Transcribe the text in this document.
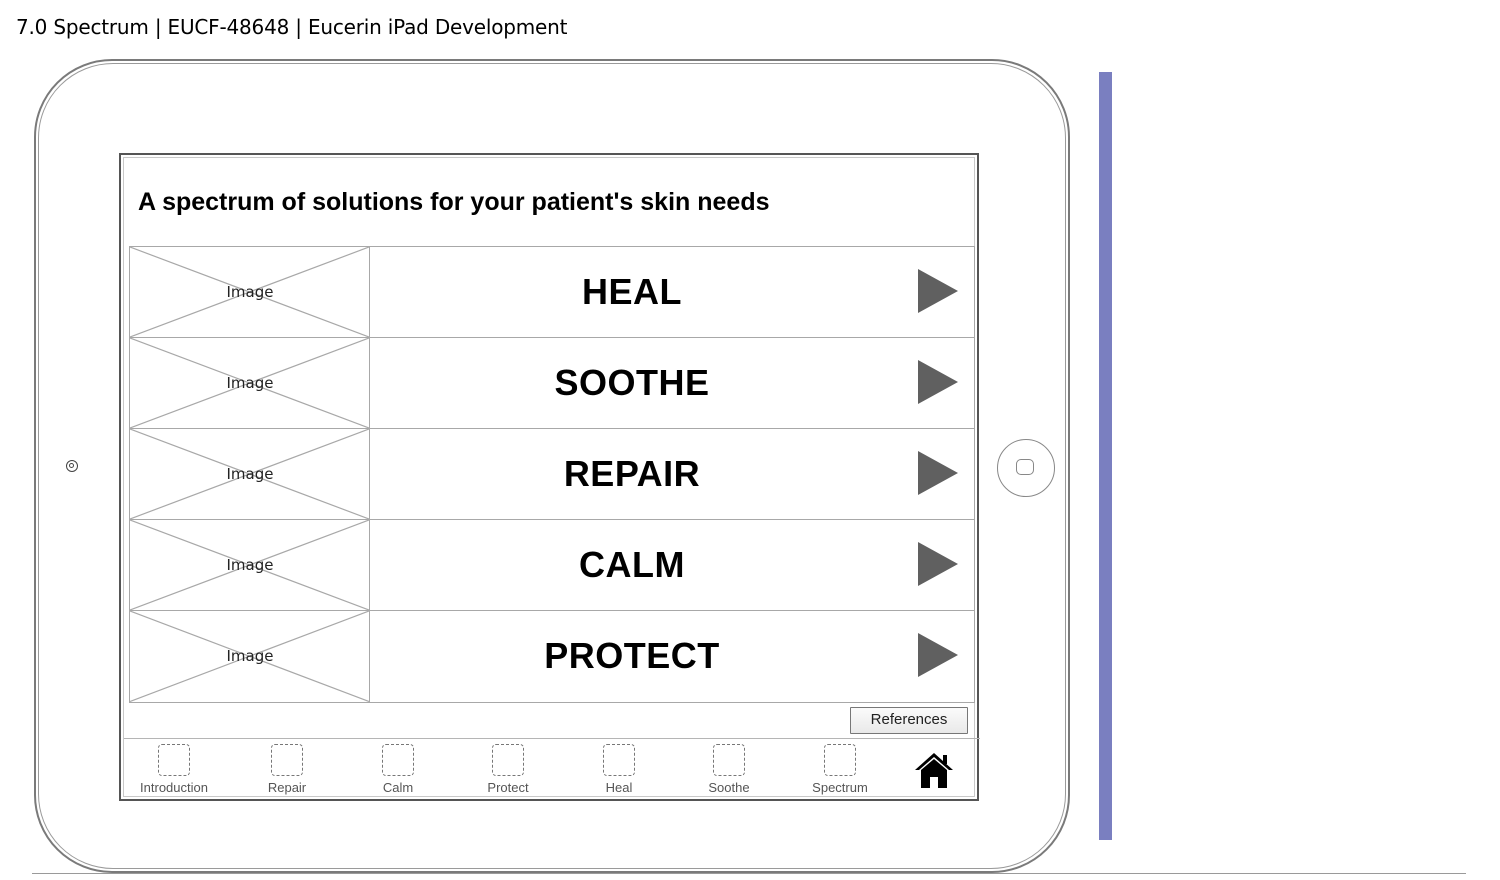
7.0 Spectrum | EUCF-48648 | Eucerin iPad Development
A spectrum of solutions for your patient's skin needs
Image	HEAL
Image	SOOTHE
Image	REPAIR
Image	CALM
Image	PROTECT
References
Introduction	Repair	Calm	Protect	Heal	Soothe	Spectrum
